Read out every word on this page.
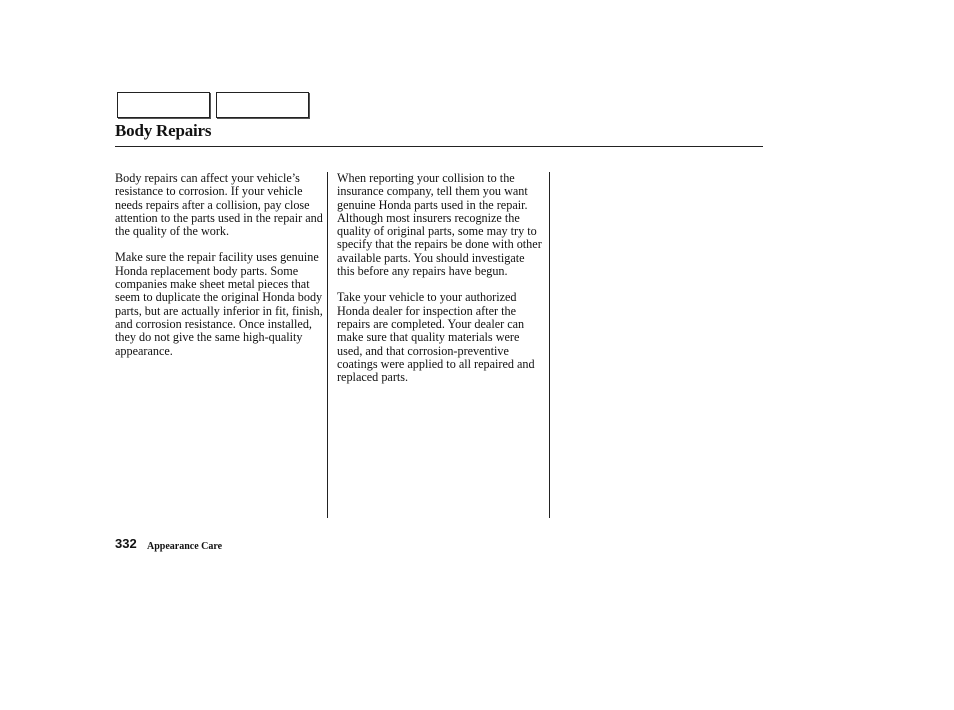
Body Repairs

Body repairs can affect your vehicle’s resistance to corrosion. If your vehicle needs repairs after a collision, pay close attention to the parts used in the repair and the quality of the work.

Make sure the repair facility uses genuine Honda replacement body parts. Some companies make sheet metal pieces that seem to duplicate the original Honda body parts, but are actually inferior in fit, finish, and corrosion resistance. Once installed, they do not give the same high-quality appearance.

When reporting your collision to the insurance company, tell them you want genuine Honda parts used in the repair. Although most insurers recognize the quality of original parts, some may try to specify that the repairs be done with other available parts. You should investigate this before any repairs have begun.

Take your vehicle to your authorized Honda dealer for inspection after the repairs are completed. Your dealer can make sure that quality materials were used, and that corrosion-preventive coatings were applied to all repaired and replaced parts.

332 Appearance Care
